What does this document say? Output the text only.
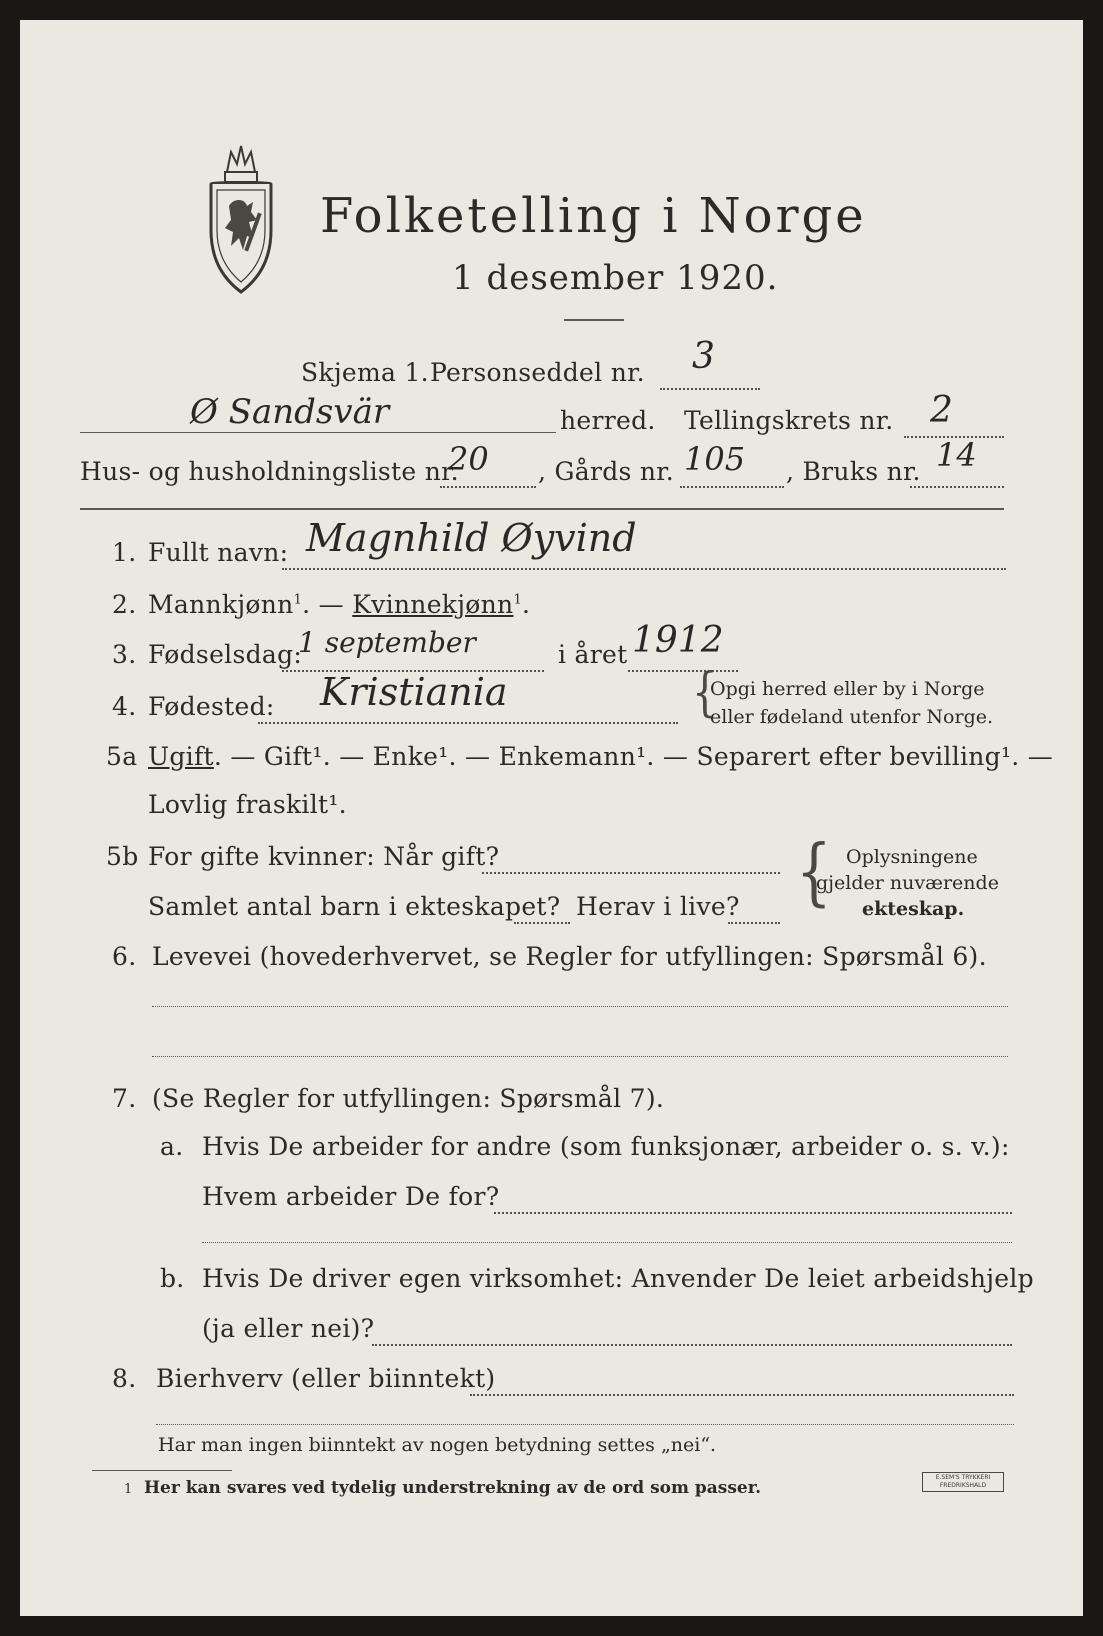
Folketelling i Norge
1 desember 1920.
Skjema 1. Personseddel nr. 3
Ø Sandsvär	herred. Tellingskrets nr. 2
Hus- og husholdningsliste nr.
20 , Gårds nr. 105 , Bruks nr. 14
1. Fullt navn: Magnhild Øyvind
2. Mannkjønn$^1$. — Kvinnekjønn$^1$.
3. Fødselsdag:
1 september	i året 1912
4. Fødested: Kristiania	{
Opgi herred eller by i Norge
eller fødeland utenfor Norge.
5a Ugift. — Gift¹. — Enke¹. — Enkemann¹. — Separert efter bevilling¹. —
Lovlig fraskilt¹.
5b For gifte kvinner: Når gift?
Samlet antal barn i ekteskapet? Herav i live? { Oplysningene
gjelder nuværende
ekteskap.
6. Levevei (hovederhvervet, se Regler for utfyllingen: Spørsmål 6).
7. (Se Regler for utfyllingen: Spørsmål 7).
a. Hvis De arbeider for andre (som funksjonær, arbeider o. s. v.):
Hvem arbeider De for?
b. Hvis De driver egen virksomhet: Anvender De leiet arbeidshjelp
(ja eller nei)?
8. Bierhverv (eller biinntekt)
Har man ingen biinntekt av nogen betydning settes „nei“.
1 Her kan svares ved tydelig understrekning av de ord som passer.
E.SEM'S TRYKKERI
FREDRIKSHALD
